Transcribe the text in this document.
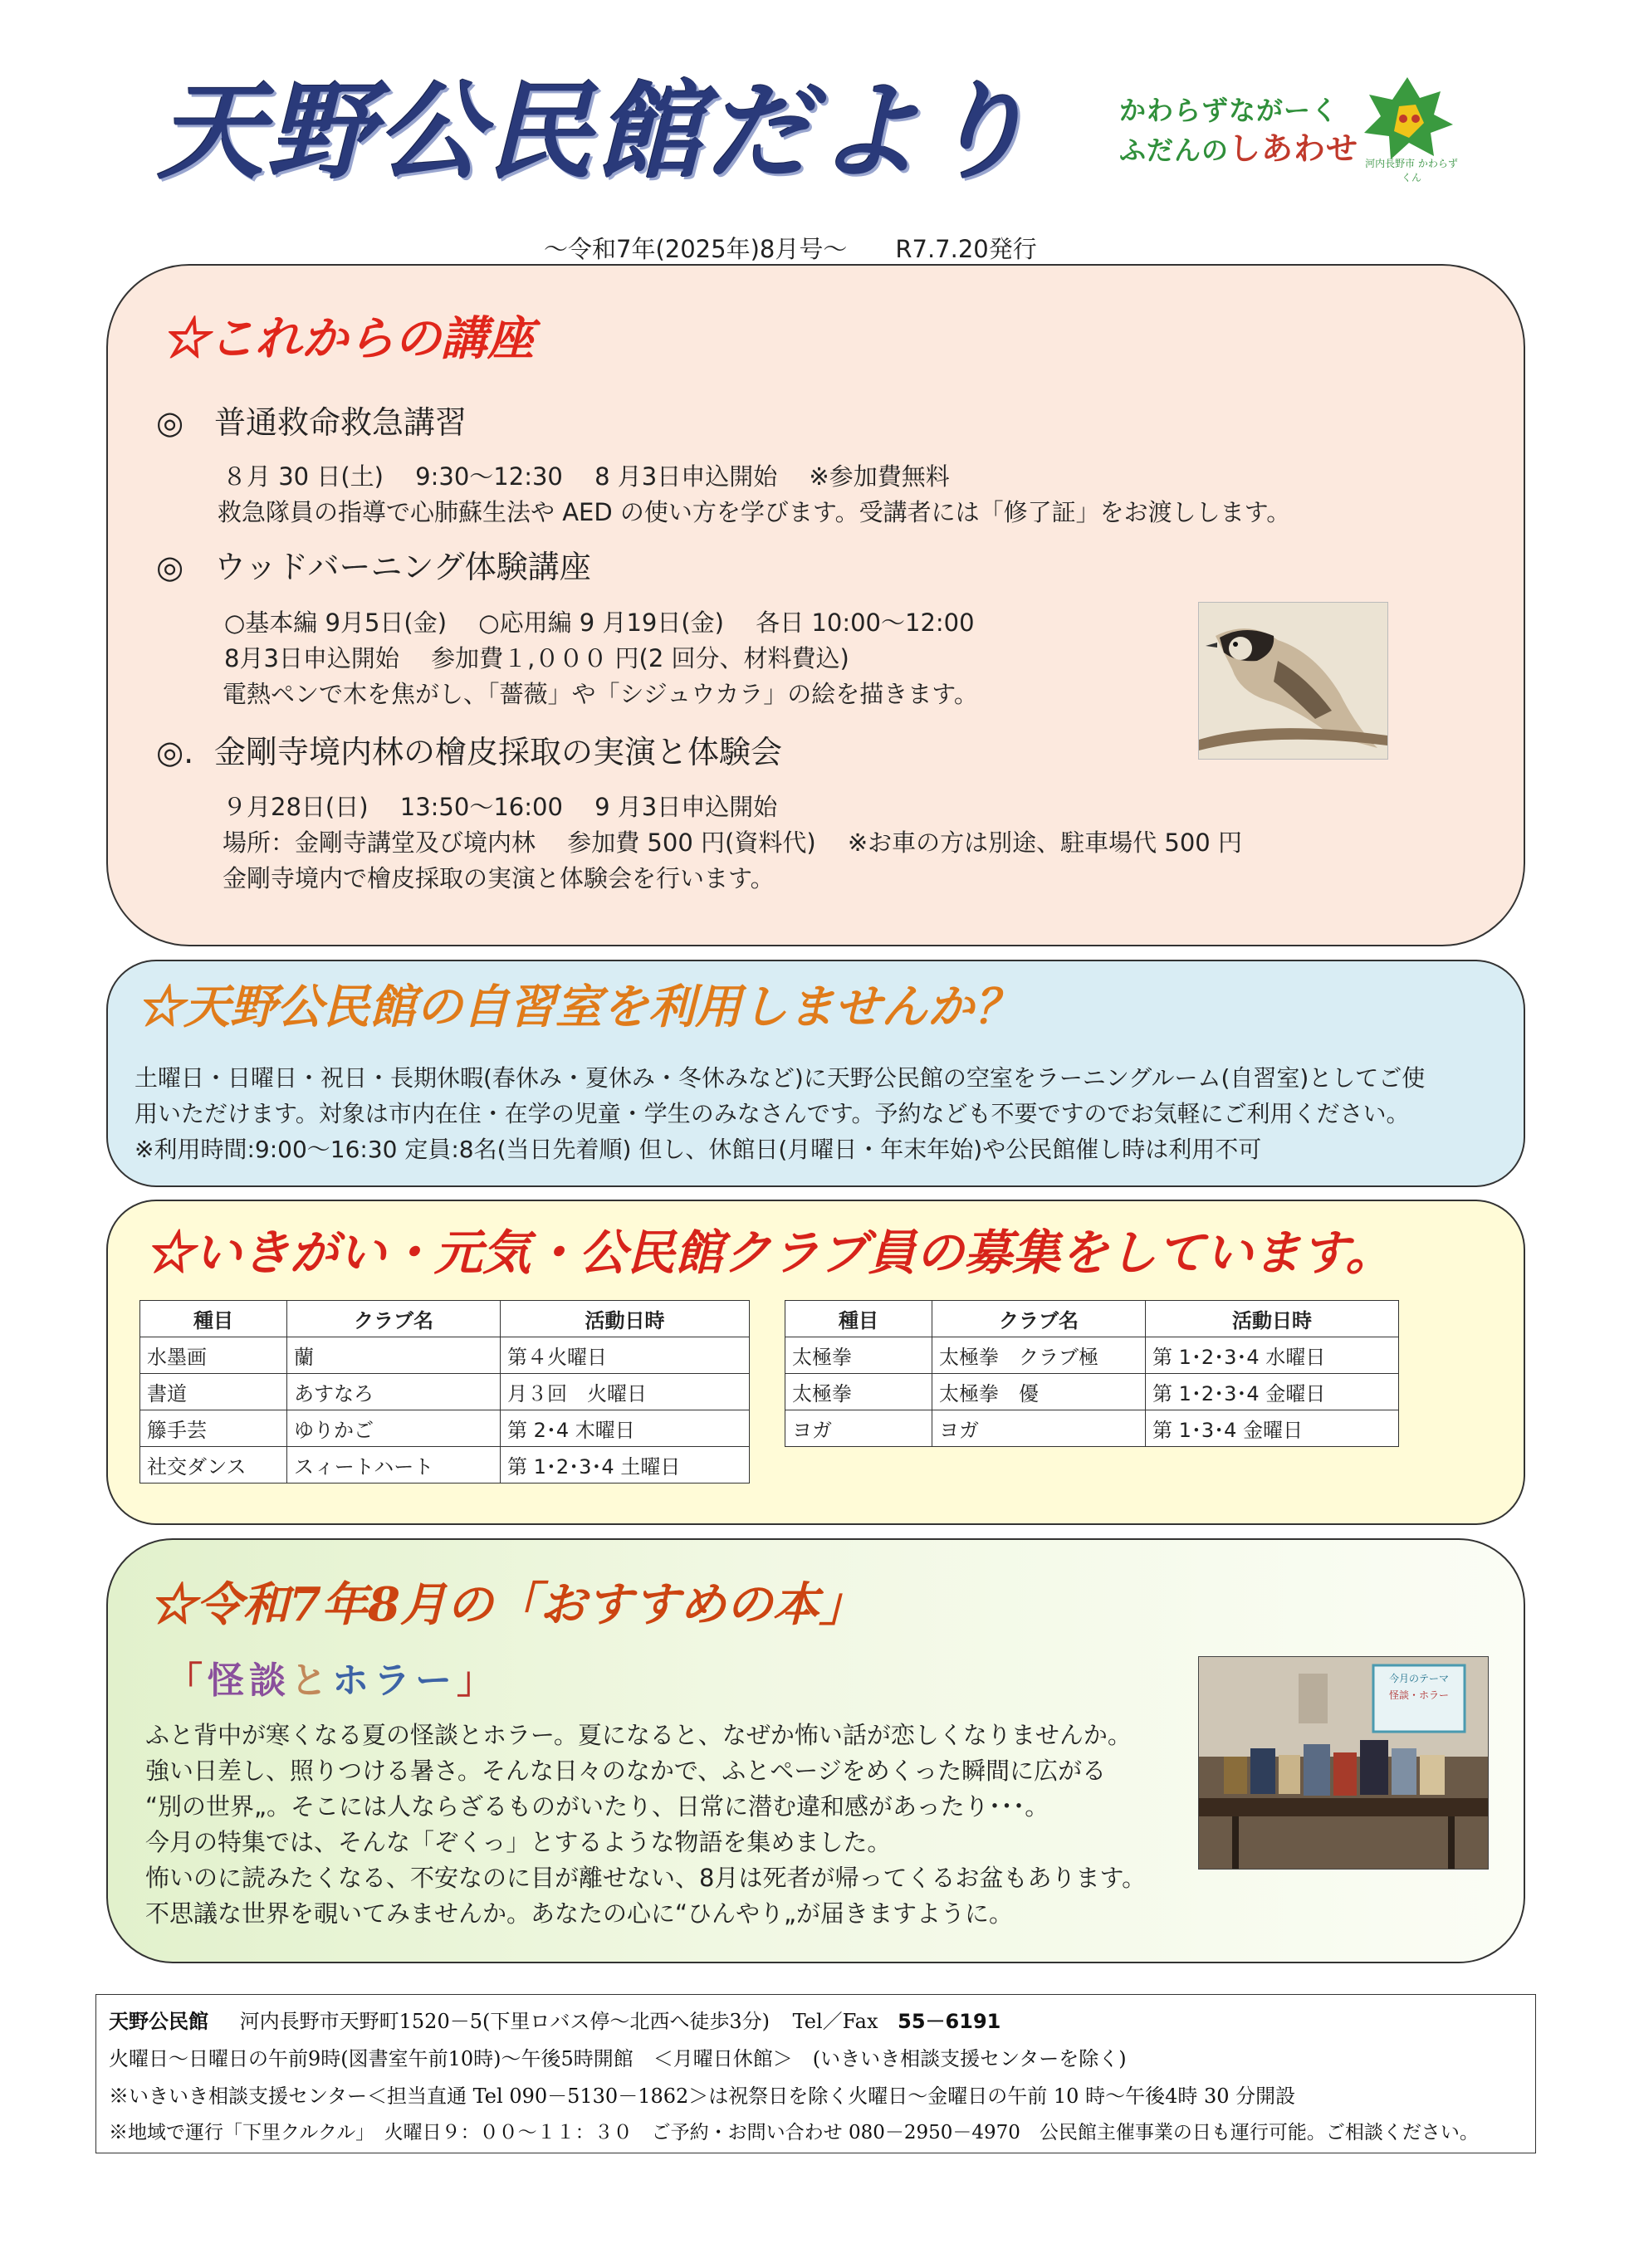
天野公民館だより	かわらずながーく
ふだんのしあわせ 河内長野市 かわらずくん
～令和7年(2025年)8月号～ R7.7.20発行
☆これからの講座
◎ 普通救命救急講習
８月 30 日(土)　 9:30～12:30　 8 月3日申込開始 　※参加費無料
救急隊員の指導で心肺蘇生法や AED の使い方を学びます。受講者には「修了証」をお渡しします。
◎ ウッドバーニング体験講座
○基本編 9月5日(金)　 ○応用編 9 月19日(金)　 各日 10:00～12:00
8月3日申込開始　 参加費１,０００ 円(2 回分、材料費込)
電熱ペンで木を焦がし、「薔薇」や「シジュウカラ」の絵を描きます。
◎. 金剛寺境内林の檜皮採取の実演と体験会
９月28日(日)　 13:50～16:00　 9 月3日申込開始
場所：金剛寺講堂及び境内林　 参加費 500 円(資料代)　 ※お車の方は別途、駐車場代 500 円
金剛寺境内で檜皮採取の実演と体験会を行います。
☆天野公民館の自習室を利用しませんか？
土曜日・日曜日・祝日・長期休暇(春休み・夏休み・冬休みなど)に天野公民館の空室をラーニングルーム(自習室)としてご使
用いただけます。対象は市内在住・在学の児童・学生のみなさんです。予約なども不要ですのでお気軽にご利用ください。
※利用時間:9:00～16:30 定員:8名(当日先着順) 但し、休館日(月曜日・年末年始)や公民館催し時は利用不可
☆いきがい・元気・公民館クラブ員の募集をしています。
種目	クラブ名	活動日時
水墨画	蘭	第４火曜日
書道	あすなろ	月３回　火曜日
籐手芸	ゆりかご	第 2･4 木曜日
社交ダンス	スィートハート	第 1･2･3･4 土曜日
種目	クラブ名	活動日時
太極拳	太極拳　クラブ極	第 1･2･3･4 水曜日
太極拳	太極拳　優	第 1･2･3･4 金曜日
ヨガ	ヨガ	第 1･3･4 金曜日
☆令和7年8月の「おすすめの本」
「怪談とホラー」
ふと背中が寒くなる夏の怪談とホラー。夏になると、なぜか怖い話が恋しくなりませんか。
強い日差し、照りつける暑さ。そんな日々のなかで、ふとページをめくった瞬間に広がる
“別の世界„。そこには人ならざるものがいたり、日常に潜む違和感があったり･･･。
今月の特集では、そんな「ぞくっ」とするような物語を集めました。
怖いのに読みたくなる、不安なのに目が離せない、8月は死者が帰ってくるお盆もあります。
不思議な世界を覗いてみませんか。あなたの心に“ひんやり„が届きますように。
今月のテーマ
怪談・ホラー
天野公民館 河内長野市天野町1520－5(下里ロバス停～北西へ徒歩3分) Tel／Fax 55－6191
火曜日～日曜日の午前9時(図書室午前10時)～午後5時開館　＜月曜日休館＞　(いきいき相談支援センターを除く)
※いきいき相談支援センター＜担当直通 Tel 090－5130－1862＞は祝祭日を除く火曜日～金曜日の午前 10 時～午後4時 30 分開設
※地域で運行「下里クルクル」　火曜日９：００～１１：３０　ご予約・お問い合わせ 080－2950－4970　公民館主催事業の日も運行可能。ご相談ください。
